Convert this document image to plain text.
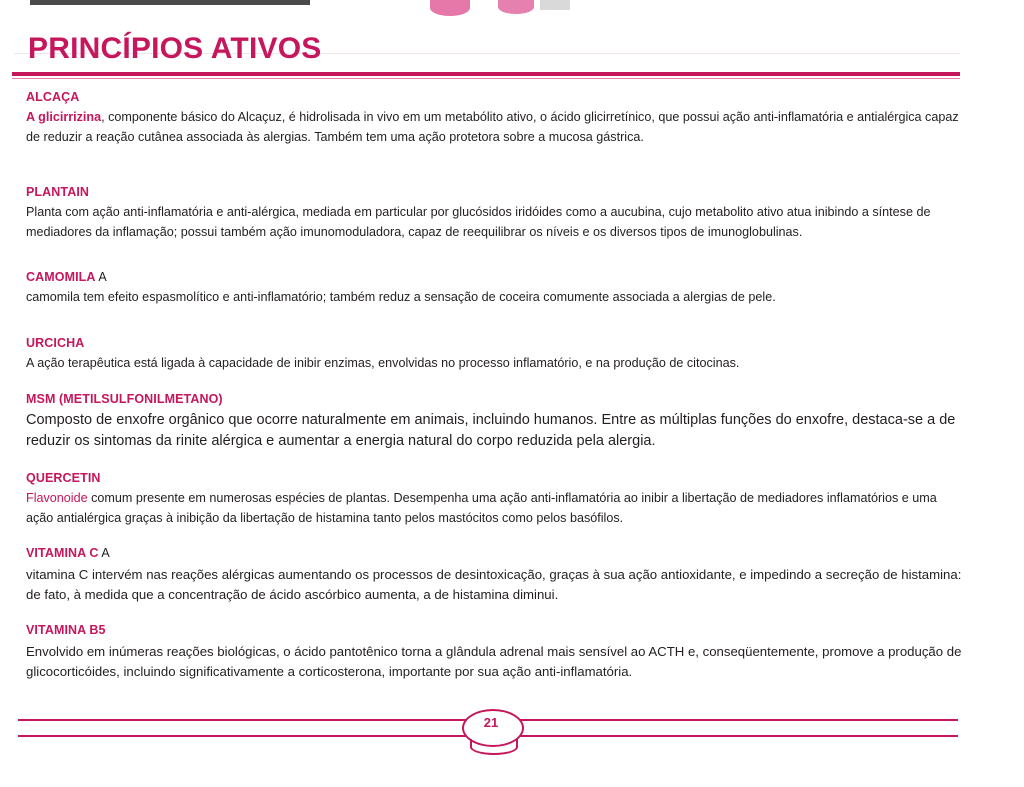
PRINCÍPIOS ATIVOS
ALCAÇA
A glicirrizina, componente básico do Alcaçuz, é hidrolisada in vivo em um metabólito ativo, o ácido glicirretínico, que possui ação anti-inflamatória e antialérgica capaz de reduzir a reação cutânea associada às alergias. Também tem uma ação protetora sobre a mucosa gástrica.
PLANTAIN
Planta com ação anti-inflamatória e anti-alérgica, mediada em particular por glucósidos iridóides como a aucubina, cujo metabolito ativo atua inibindo a síntese de mediadores da inflamação; possui também ação imunomoduladora, capaz de reequilibrar os níveis e os diversos tipos de imunoglobulinas.
CAMOMILA A
camomila tem efeito espasmolítico e anti-inflamatório; também reduz a sensação de coceira comumente associada a alergias de pele.
URCICHA
A ação terapêutica está ligada à capacidade de inibir enzimas, envolvidas no processo inflamatório, e na produção de citocinas.
MSM (METILSULFONILMETANO)
Composto de enxofre orgânico que ocorre naturalmente em animais, incluindo humanos. Entre as múltiplas funções do enxofre, destaca-se a de reduzir os sintomas da rinite alérgica e aumentar a energia natural do corpo reduzida pela alergia.
QUERCETIN
Flavonoide comum presente em numerosas espécies de plantas. Desempenha uma ação anti-inflamatória ao inibir a libertação de mediadores inflamatórios e uma ação antialérgica graças à inibição da libertação de histamina tanto pelos mastócitos como pelos basófilos.
VITAMINA C A
vitamina C intervém nas reações alérgicas aumentando os processos de desintoxicação, graças à sua ação antioxidante, e impedindo a secreção de histamina: de fato, à medida que a concentração de ácido ascórbico aumenta, a de histamina diminui.
VITAMINA B5
Envolvido em inúmeras reações biológicas, o ácido pantotênico torna a glândula adrenal mais sensível ao ACTH e, conseqüentemente, promove a produção de glicocorticóides, incluindo significativamente a corticosterona, importante por sua ação anti-inflamatória.
21
